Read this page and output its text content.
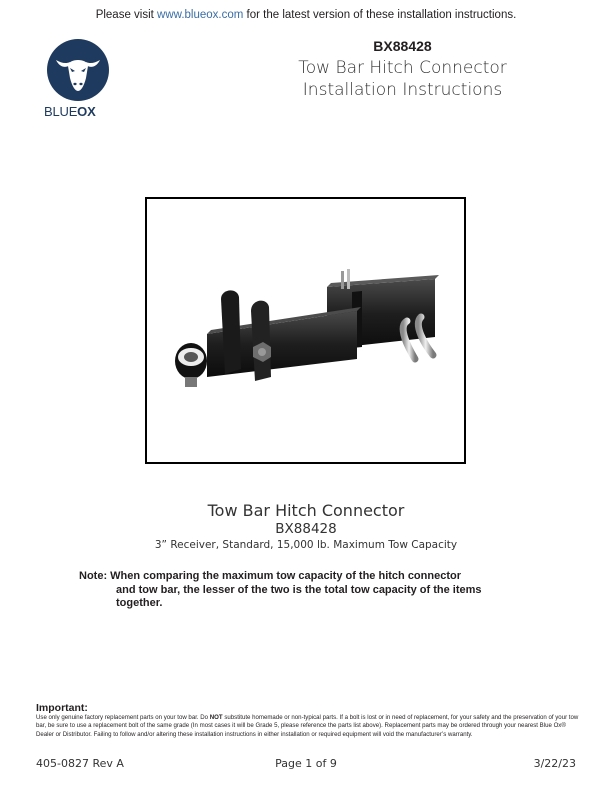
Please visit www.blueox.com for the latest version of these installation instructions.
BLUEOX
BX88428
Tow Bar Hitch Connector
Installation Instructions
Tow Bar Hitch Connector
BX88428
3” Receiver, Standard, 15,000 lb. Maximum Tow Capacity
Note: When comparing the maximum tow capacity of the hitch connector
and tow bar, the lesser of the two is the total tow capacity of the items
together.
Important:
Use only genuine factory replacement parts on your tow bar. Do NOT substitute homemade or non-typical parts. If a bolt is lost or in need of replacement, for your safety and the preservation of your tow bar, be sure to use a replacement bolt of the same grade (In most cases it will be Grade 5, please reference the parts list above). Replacement parts may be ordered through your nearest Blue Ox® Dealer or Distributor. Failing to follow and/or altering these installation instructions in either installation or required equipment will void the manufacturer’s warranty.
405-0827 Rev A	Page 1 of 9	3/22/23
